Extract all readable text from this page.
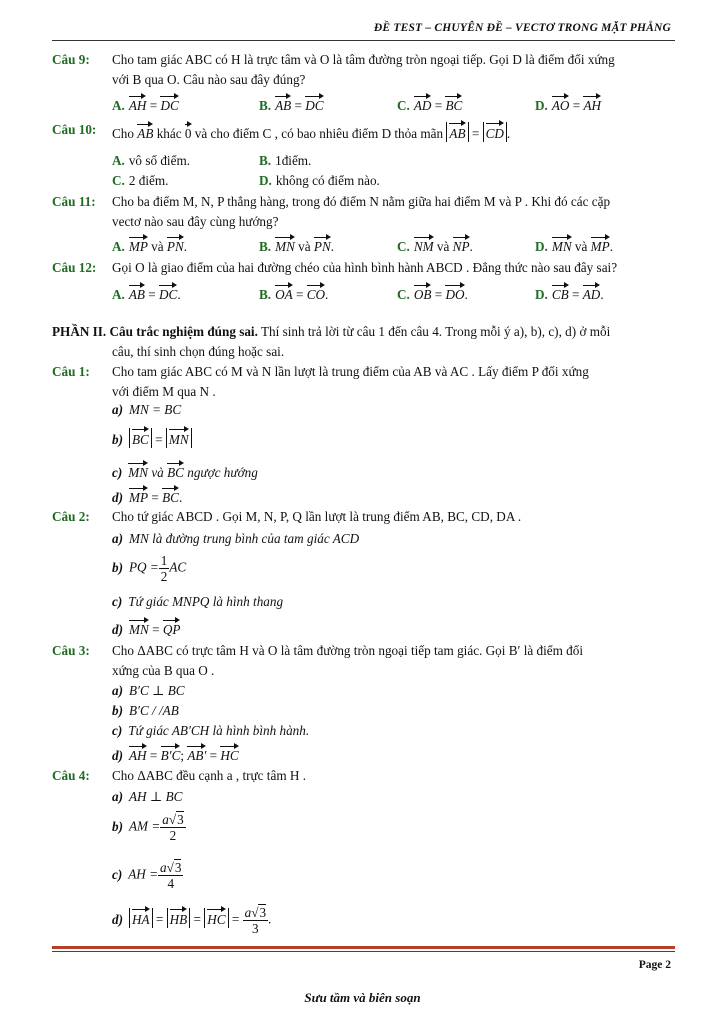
ĐỀ TEST – CHUYÊN ĐỀ – VECTƠ TRONG MẶT PHẲNG
Câu 9: Cho tam giác ABC có H là trực tâm và O là tâm đường tròn ngoại tiếp. Gọi D là điểm đối xứng
với B qua O. Câu nào sau đây đúng?
A. AH = DC	B. AB = DC	C. AD = BC	D. AO = AH
Câu 10: Cho AB khác 0 và cho điểm C , có bao nhiêu điểm D thỏa mãn AB = CD .
A. vô số điểm.	B. 1điểm.
C. 2 điểm.	D. không có điểm nào.
Câu 11: Cho ba điểm M, N, P thẳng hàng, trong đó điểm N nằm giữa hai điểm M và P . Khi đó các cặp
vectơ nào sau đây cùng hướng?
A. MP và PN.	B. MN và PN.	C. NM và NP.	D. MN và MP.
Câu 12: Gọi O là giao điểm của hai đường chéo của hình bình hành ABCD . Đẳng thức nào sau đây sai?
A. AB = DC.	B. OA = CO.	C. OB = DO.	D. CB = AD.
PHẦN II. Câu trắc nghiệm đúng sai. Thí sinh trả lời từ câu 1 đến câu 4. Trong mỗi ý a), b), c), d) ở mỗi
câu, thí sinh chọn đúng hoặc sai.
Câu 1: Cho tam giác ABC có M và N lần lượt là trung điểm của AB và AC . Lấy điểm P đối xứng
với điểm M qua N .
a) MN = BC
b) BC = MN
c) MN và BC ngược hướng
d) MP = BC.
Câu 2: Cho tứ giác ABCD . Gọi M, N, P, Q lần lượt là trung điểm AB, BC, CD, DA .
a) MN là đường trung bình của tam giác ACD
b) PQ = $\frac{1}{2}$ AC
c) Tứ giác MNPQ là hình thang
d) MN = QP
Câu 3: Cho ΔABC có trực tâm H và O là tâm đường tròn ngoại tiếp tam giác. Gọi B′ là điểm đối
xứng của B qua O .
a) B′C ⊥ BC
b) B′C / /AB
c) Tứ giác AB′CH là hình bình hành.
d) AH = B′C; AB′ = HC
Câu 4: Cho ΔABC đều cạnh a , trực tâm H .
a) AH ⊥ BC
b) AM = $\frac{a√3}{2}$
c) AH = $\frac{a√3}{4}$
d) HA = HB = HC = $\frac{a√3}{3}$ .
Page 2
Sưu tầm và biên soạn
